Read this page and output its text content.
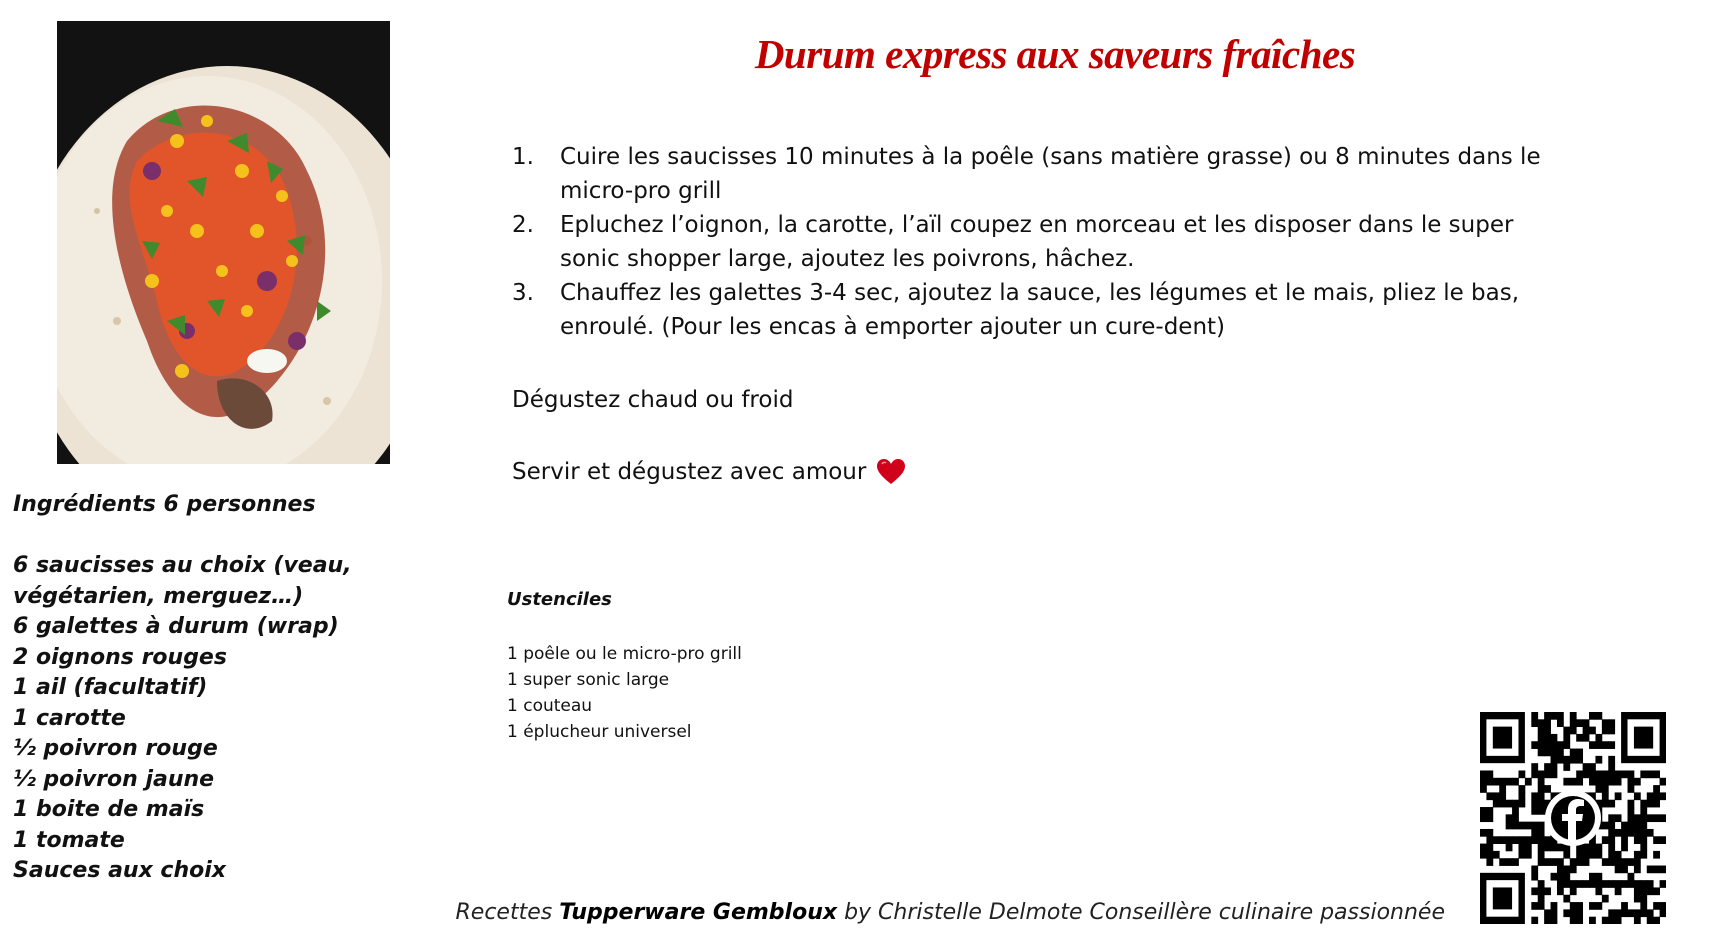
Durum express aux saveurs fraîches
1. Cuire les saucisses 10 minutes à la poêle (sans matière grasse) ou 8 minutes dans le micro-pro grill
2. Epluchez l’oignon, la carotte, l’aïl coupez en morceau et les disposer dans le super sonic shopper large, ajoutez les poivrons, hâchez.
3. Chauffez les galettes 3-4 sec, ajoutez la sauce, les légumes et le mais, pliez le bas, enroulé. (Pour les encas à emporter ajouter un cure-dent)
Dégustez chaud ou froid
Servir et dégustez avec amour
Ingrédients 6 personnes
6 saucisses au choix (veau, végétarien, merguez…)
6 galettes à durum (wrap)
2 oignons rouges
1 ail (facultatif)
1 carotte
½ poivron rouge
½ poivron jaune
1 boite de maïs
1 tomate
Sauces aux choix
Ustenciles
1 poêle ou le micro-pro grill
1 super sonic large
1 couteau
1 éplucheur universel
Recettes Tupperware Gembloux by Christelle Delmote Conseillère culinaire passionnée
